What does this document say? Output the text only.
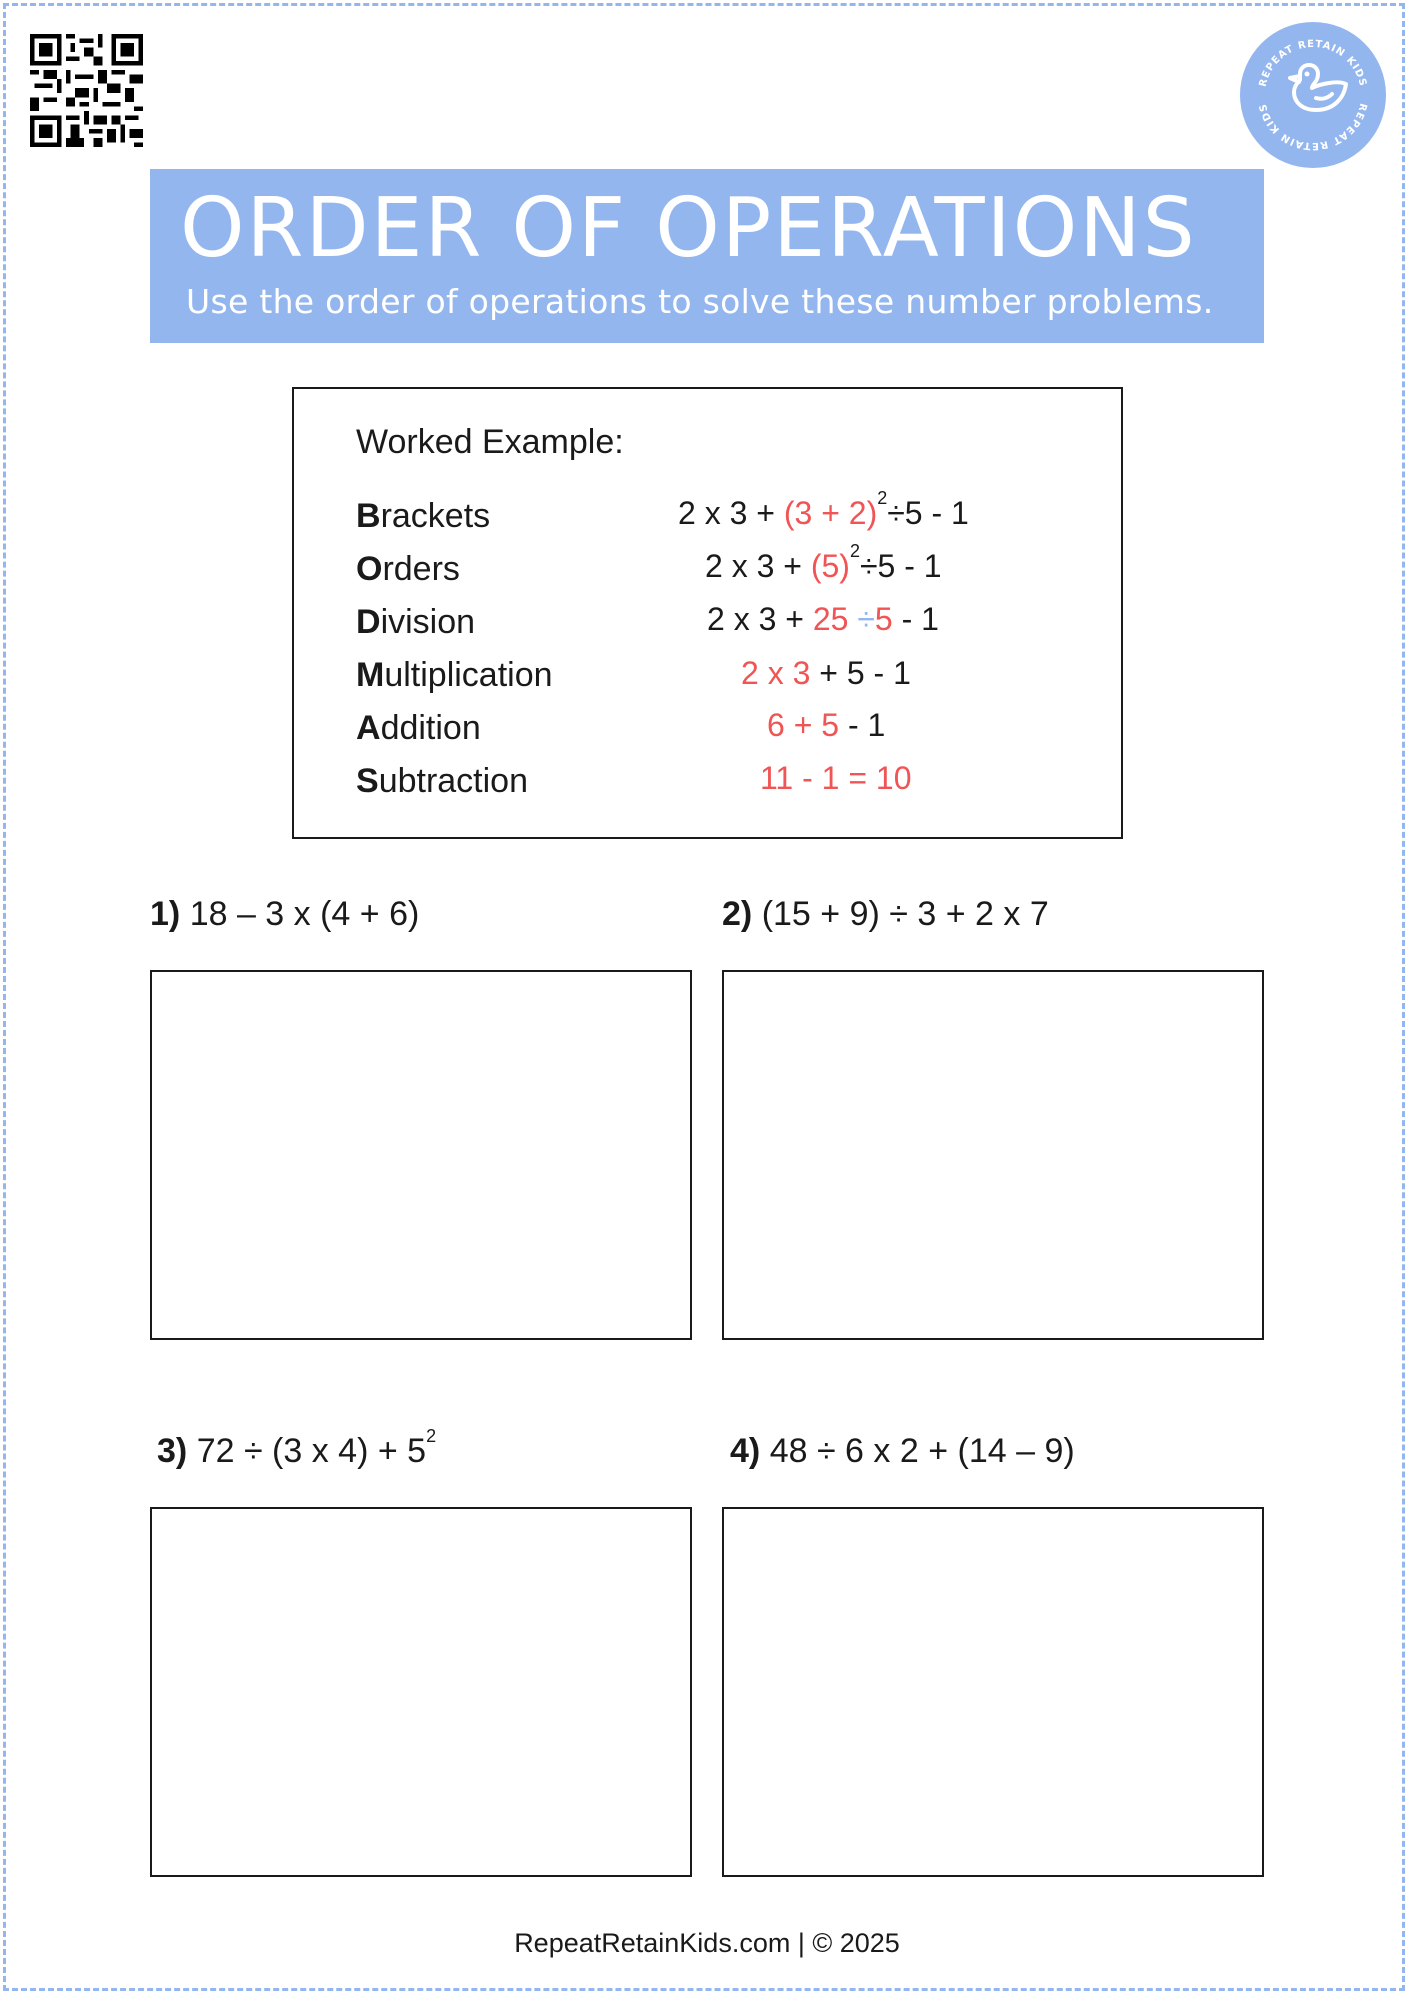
REPEAT RETAIN KIDS
REPEAT RETAIN KIDS
ORDER OF OPERATIONS

Use the order of operations to solve these number problems.

Worked Example:
Brackets
Orders
Division
Multiplication
Addition
Subtraction
2 x $3 + (3 + 2)^2\div 5 - 1$
2 x $3 + (5)^2\div 5 - 1$
2 x 3 + 25 ÷5 - 1
2 x 3 + 5 - 1
6 + 5 - 1
11 - 1 = 10
1) 18 – 3 x (4 + 6)	2) (15 + 9) ÷ 3 + 2 x 7
3) 72 ÷ (3 x $4) + 5^2$	4) 48 ÷ 6 x 2 + (14 – 9)
RepeatRetainKids.com | © 2025
